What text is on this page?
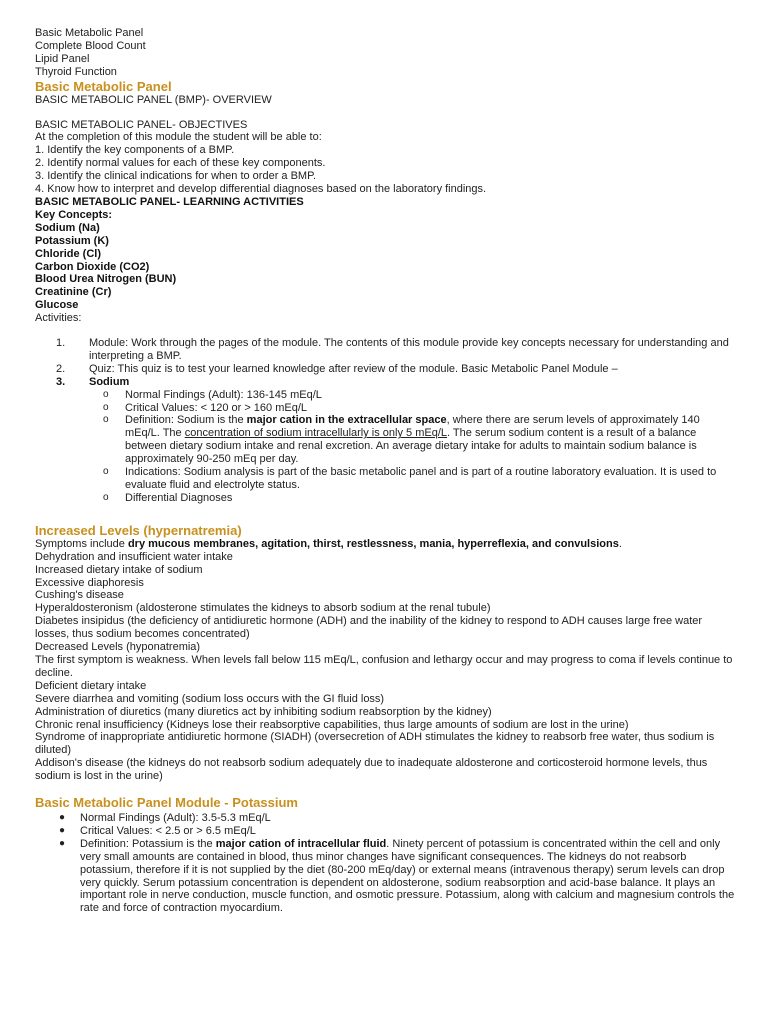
Basic Metabolic Panel
Complete Blood Count
Lipid Panel
Thyroid Function
Basic Metabolic Panel
BASIC METABOLIC PANEL (BMP)- OVERVIEW
BASIC METABOLIC PANEL- OBJECTIVES
At the completion of this module the student will be able to:
1. Identify the key components of a BMP.
2. Identify normal values for each of these key components.
3. Identify the clinical indications for when to order a BMP.
4. Know how to interpret and develop differential diagnoses based on the laboratory findings.
BASIC METABOLIC PANEL- LEARNING ACTIVITIES
Key Concepts:
Sodium (Na)
Potassium (K)
Chloride (Cl)
Carbon Dioxide (CO2)
Blood Urea Nitrogen (BUN)
Creatinine (Cr)
Glucose
Activities:
1. Module: Work through the pages of the module. The contents of this module provide key concepts necessary for understanding and interpreting a BMP.
2. Quiz: This quiz is to test your learned knowledge after review of the module. Basic Metabolic Panel Module –
3. Sodium
o Normal Findings (Adult): 136-145 mEq/L
o Critical Values: < 120 or > 160 mEq/L
o Definition: Sodium is the major cation in the extracellular space, where there are serum levels of approximately 140 mEq/L. The concentration of sodium intracellularly is only 5 mEq/L. The serum sodium content is a result of a balance between dietary sodium intake and renal excretion. An average dietary intake for adults to maintain sodium balance is approximately 90-250 mEq per day.
o Indications: Sodium analysis is part of the basic metabolic panel and is part of a routine laboratory evaluation. It is used to evaluate fluid and electrolyte status.
o Differential Diagnoses
Increased Levels (hypernatremia)
Symptoms include dry mucous membranes, agitation, thirst, restlessness, mania, hyperreflexia, and convulsions.
Dehydration and insufficient water intake
Increased dietary intake of sodium
Excessive diaphoresis
Cushing's disease
Hyperaldosteronism (aldosterone stimulates the kidneys to absorb sodium at the renal tubule)
Diabetes insipidus (the deficiency of antidiuretic hormone (ADH) and the inability of the kidney to respond to ADH causes large free water losses, thus sodium becomes concentrated)
Decreased Levels (hyponatremia)
The first symptom is weakness. When levels fall below 115 mEq/L, confusion and lethargy occur and may progress to coma if levels continue to decline.
Deficient dietary intake
Severe diarrhea and vomiting (sodium loss occurs with the GI fluid loss)
Administration of diuretics (many diuretics act by inhibiting sodium reabsorption by the kidney)
Chronic renal insufficiency (Kidneys lose their reabsorptive capabilities, thus large amounts of sodium are lost in the urine)
Syndrome of inappropriate antidiuretic hormone (SIADH) (oversecretion of ADH stimulates the kidney to reabsorb free water, thus sodium is diluted)
Addison's disease (the kidneys do not reabsorb sodium adequately due to inadequate aldosterone and corticosteroid hormone levels, thus sodium is lost in the urine)
Basic Metabolic Panel Module - Potassium
● Normal Findings (Adult): 3.5-5.3 mEq/L
● Critical Values: < 2.5 or > 6.5 mEq/L
● Definition: Potassium is the major cation of intracellular fluid. Ninety percent of potassium is concentrated within the cell and only very small amounts are contained in blood, thus minor changes have significant consequences. The kidneys do not reabsorb potassium, therefore if it is not supplied by the diet (80-200 mEq/day) or external means (intravenous therapy) serum levels can drop very quickly. Serum potassium concentration is dependent on aldosterone, sodium reabsorption and acid-base balance. It plays an important role in nerve conduction, muscle function, and osmotic pressure. Potassium, along with calcium and magnesium controls the rate and force of contraction myocardium.
